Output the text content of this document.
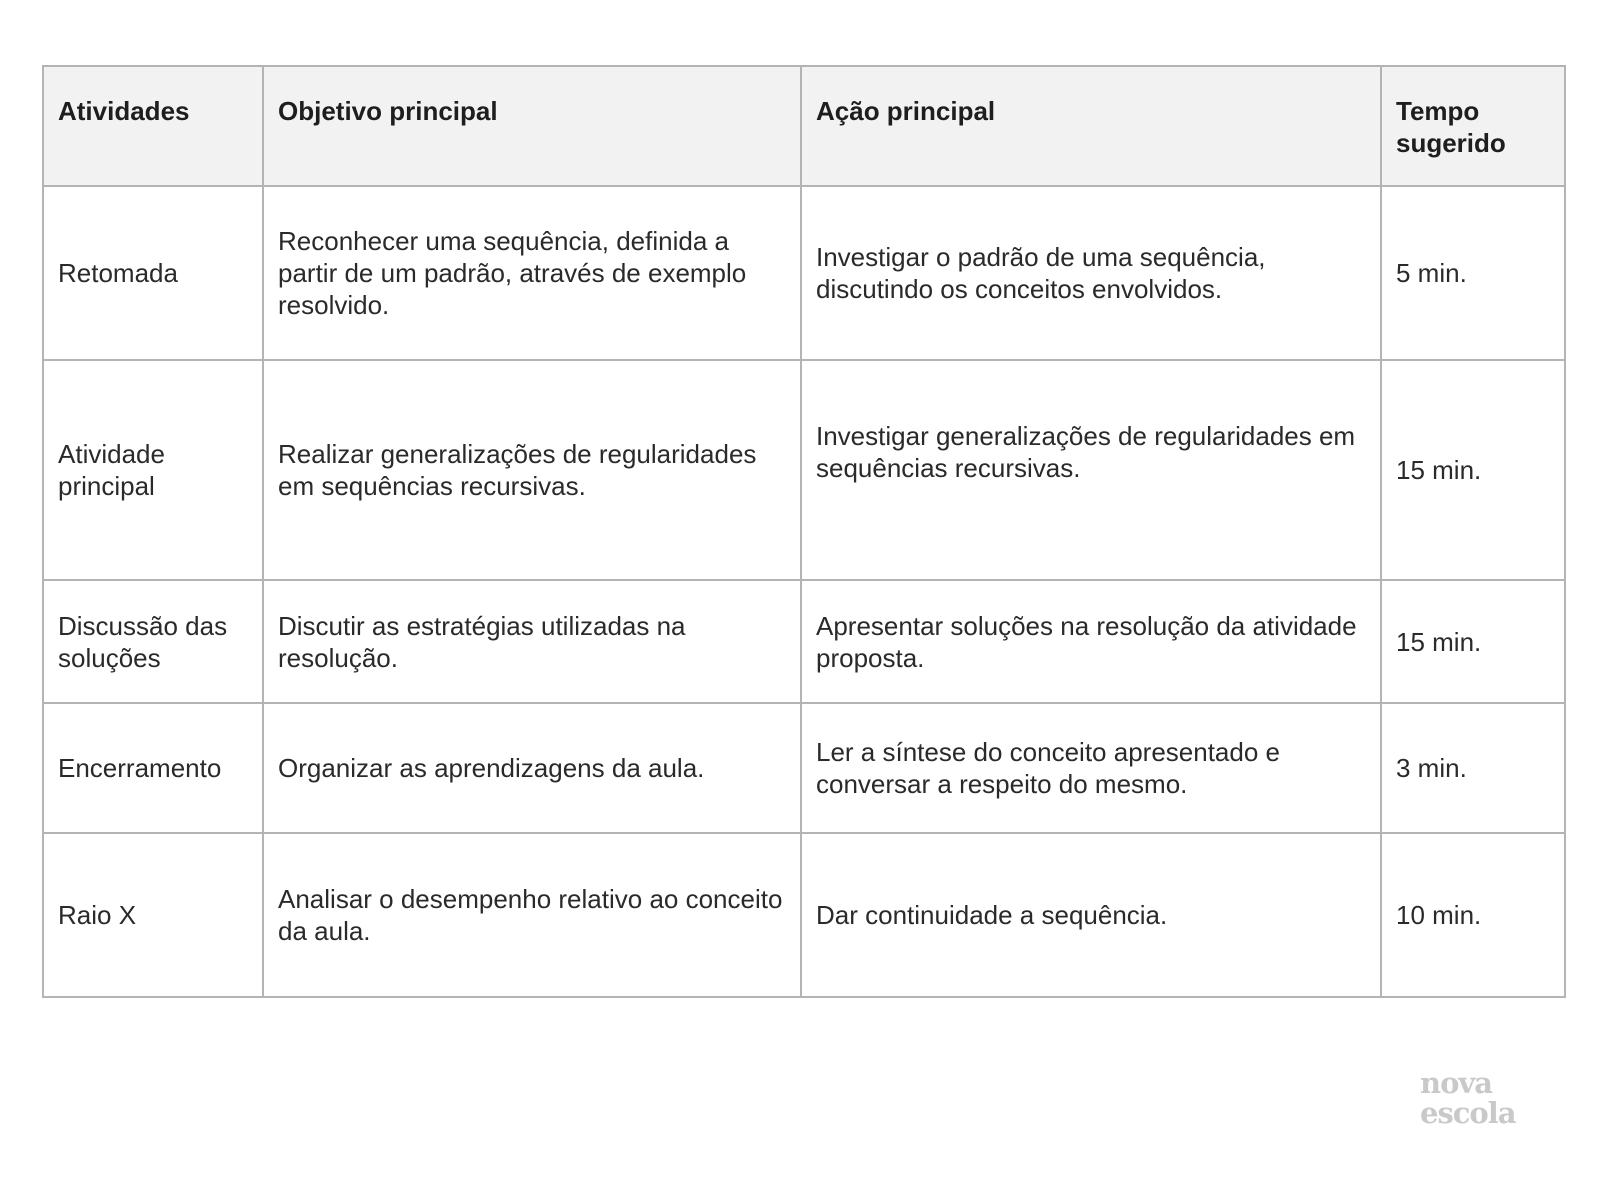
Atividades	Objetivo principal	Ação principal	Tempo sugerido
Retomada	Reconhecer uma sequência, definida a partir de um padrão, através de exemplo resolvido.	Investigar o padrão de uma sequência, discutindo os conceitos envolvidos.	5 min.
Atividade principal	Realizar generalizações de regularidades em sequências recursivas.	Investigar generalizações de regularidades em sequências recursivas.	15 min.
Discussão das soluções	Discutir as estratégias utilizadas na resolução.	Apresentar soluções na resolução da atividade proposta.	15 min.
Encerramento	Organizar as aprendizagens da aula.	Ler a síntese do conceito apresentado e conversar a respeito do mesmo.	3 min.
Raio X	Analisar o desempenho relativo ao conceito da aula.	Dar continuidade a sequência.	10 min.
nova
escola
